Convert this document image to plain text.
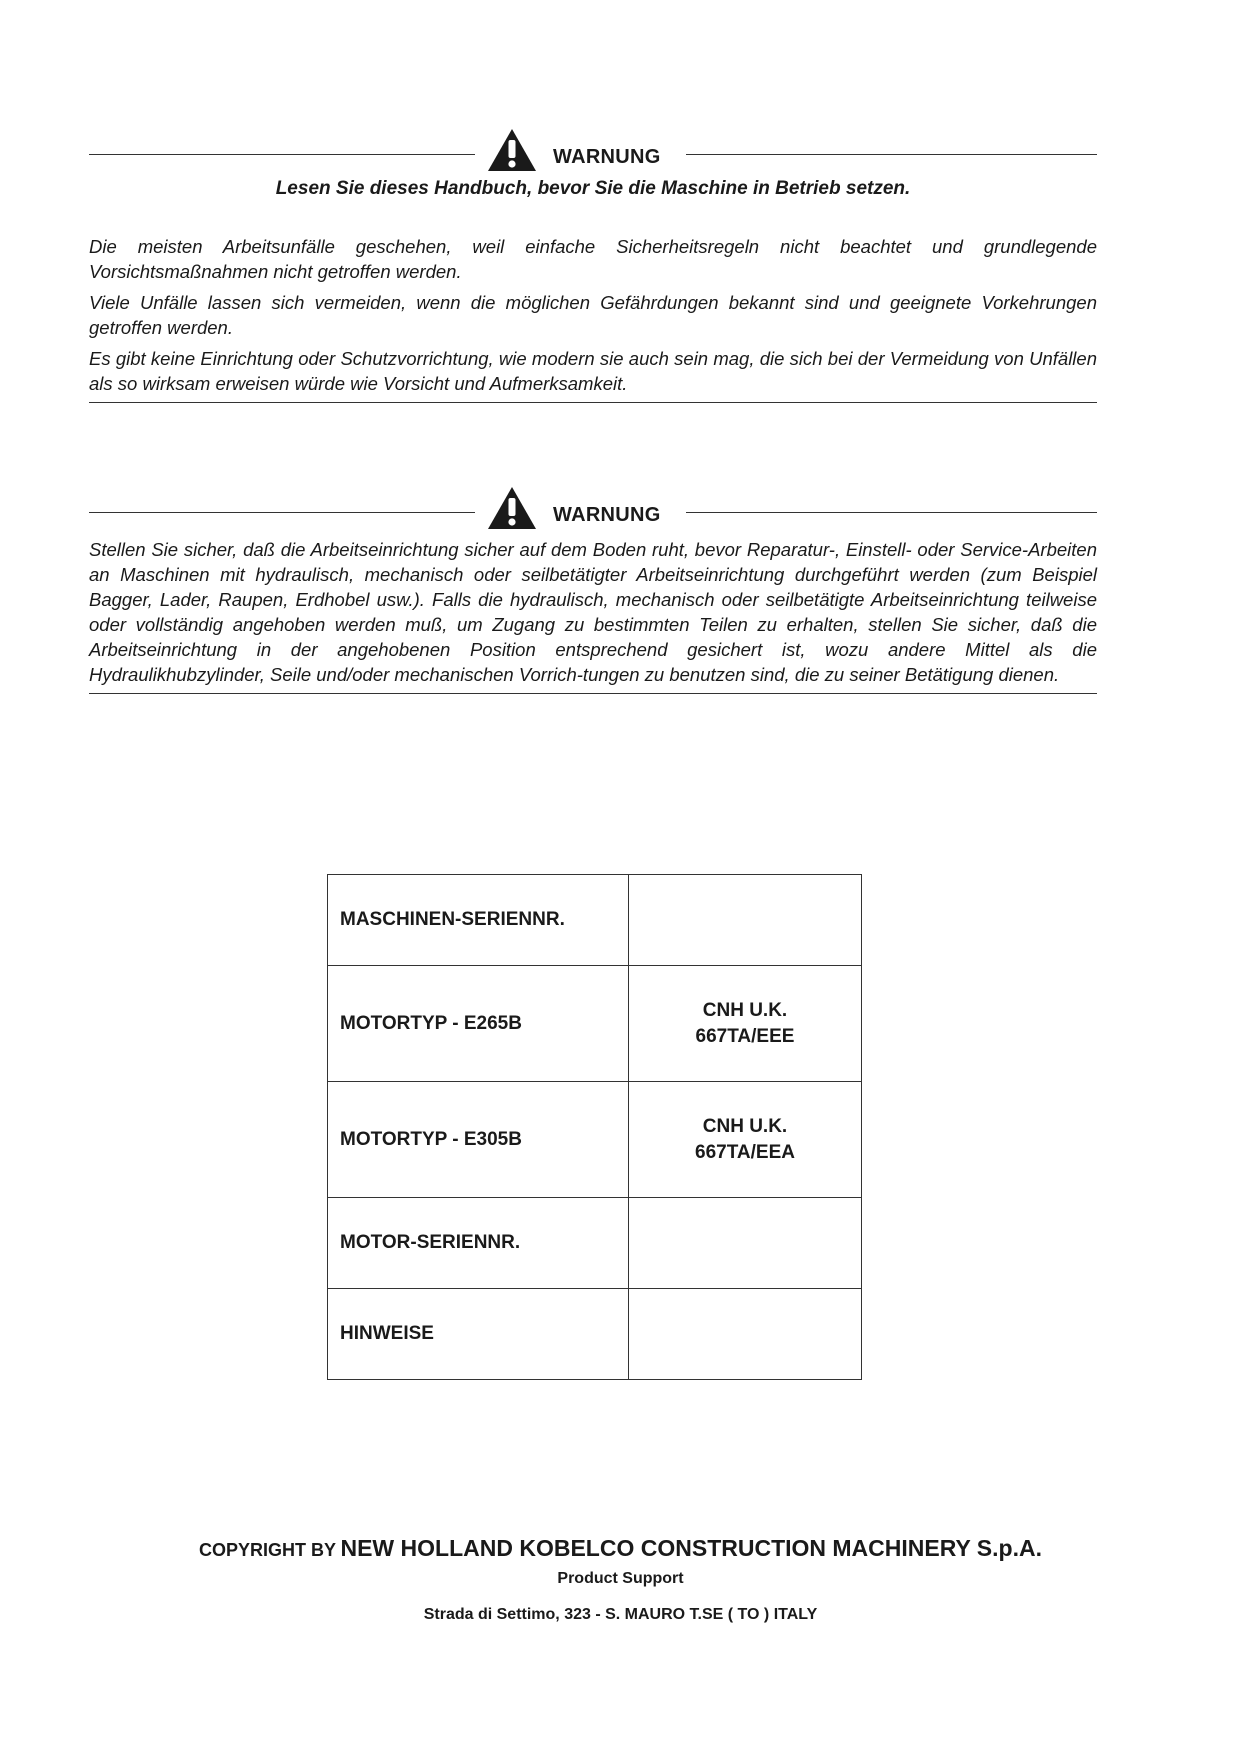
WARNUNG
Lesen Sie dieses Handbuch, bevor Sie die Maschine in Betrieb setzen.

Die meisten Arbeitsunfälle geschehen, weil einfache Sicherheitsregeln nicht beachtet und grundlegende Vorsichtsmaßnahmen nicht getroffen werden.

Viele Unfälle lassen sich vermeiden, wenn die möglichen Gefährdungen bekannt sind und geeignete Vorkehrungen getroffen werden.

Es gibt keine Einrichtung oder Schutzvorrichtung, wie modern sie auch sein mag, die sich bei der Vermeidung von Unfällen als so wirksam erweisen würde wie Vorsicht und Aufmerksamkeit.

WARNUNG

Stellen Sie sicher, daß die Arbeitseinrichtung sicher auf dem Boden ruht, bevor Reparatur-, Einstell- oder Service-Arbeiten an Maschinen mit hydraulisch, mechanisch oder seilbetätigter Arbeitseinrichtung durchgeführt werden (zum Beispiel Bagger, Lader, Raupen, Erdhobel usw.). Falls die hydraulisch, mechanisch oder seilbetätigte Arbeitseinrichtung teilweise oder vollständig angehoben werden muß, um Zugang zu bestimmten Teilen zu erhalten, stellen Sie sicher, daß die Arbeitseinrichtung in der angehobenen Position entsprechend gesichert ist, wozu andere Mittel als die Hydraulikhubzylinder, Seile und/oder mechanischen Vorrich-tungen zu benutzen sind, die zu seiner Betätigung dienen.

MASCHINEN-SERIENNR.	

MOTORTYP - E265B	CNH U.K.
667TA/EEE
MOTORTYP - E305B	CNH U.K.
667TA/EEA
MOTOR-SERIENNR.	

HINWEISE	

COPYRIGHT BY NEW HOLLAND KOBELCO CONSTRUCTION MACHINERY S.p.A.
Product Support
Strada di Settimo, 323 - S. MAURO T.SE ( TO ) ITALY
